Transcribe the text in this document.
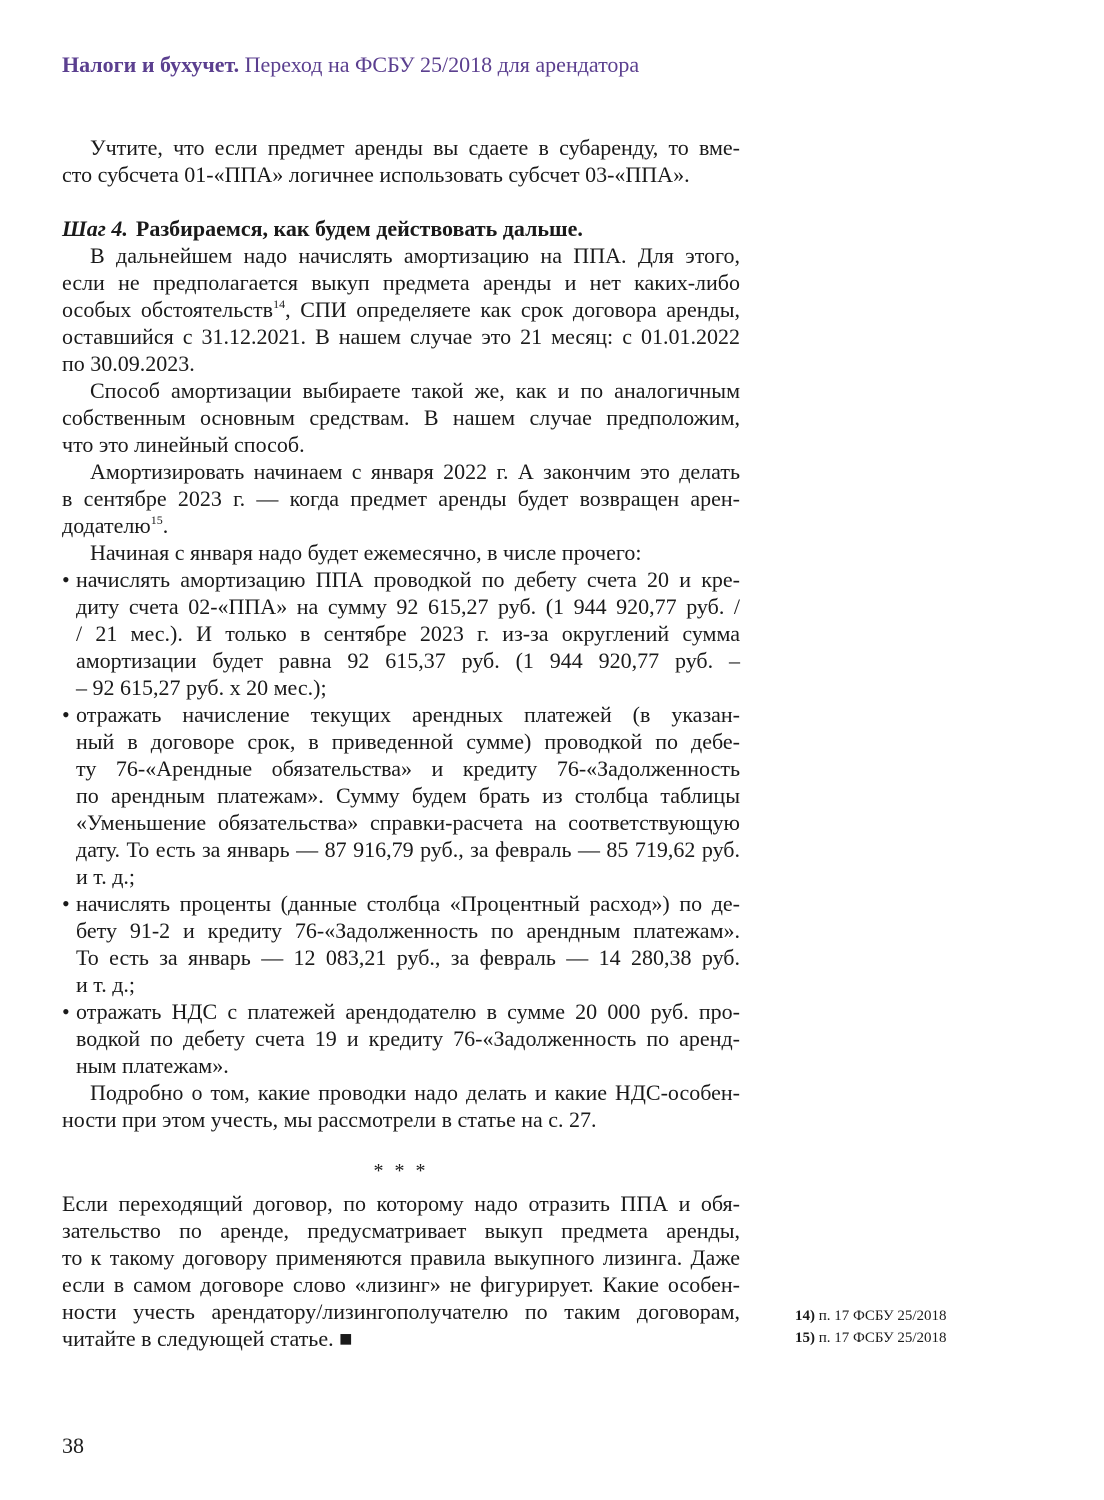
Налоги и бухучет. Переход на ФСБУ 25/2018 для арендатора
Учтите, что если предмет аренды вы сдаете в субаренду, то вме-
сто субсчета 01-«ППА» логичнее использовать субсчет 03-«ППА».
Шаг 4. Разбираемся, как будем действовать дальше.
В дальнейшем надо начислять амортизацию на ППА. Для этого,
если не предполагается выкуп предмета аренды и нет каких-либо
особых обстоятельств$^{14}$, СПИ определяете как срок договора аренды,
оставшийся с 31.12.2021. В нашем случае это 21 месяц: с 01.01.2022
по 30.09.2023.
Способ амортизации выбираете такой же, как и по аналогичным
собственным основным средствам. В нашем случае предположим,
что это линейный способ.
Амортизировать начинаем с января 2022 г. А закончим это делать
в сентябре 2023 г. — когда предмет аренды будет возвращен арен-
додателю$^{15}$.
Начиная с января надо будет ежемесячно, в числе прочего:
• начислять амортизацию ППА проводкой по дебету счета 20 и кре-
диту счета 02-«ППА» на сумму 92 615,27 руб. (1 944 920,77 руб. /
/ 21 мес.). И только в сентябре 2023 г. из-за округлений сумма
амортизации будет равна 92 615,37 руб. (1 944 920,77 руб. –
– 92 615,27 руб. х 20 мес.);
• отражать начисление текущих арендных платежей (в указан-
ный в договоре срок, в приведенной сумме) проводкой по дебе-
ту 76-«Арендные обязательства» и кредиту 76-«Задолженность
по арендным платежам». Сумму будем брать из столбца таблицы
«Уменьшение обязательства» справки-расчета на соответствующую
дату. То есть за январь — 87 916,79 руб., за февраль — 85 719,62 руб.
и т. д.;
• начислять проценты (данные столбца «Процентный расход») по де-
бету 91-2 и кредиту 76-«Задолженность по арендным платежам».
То есть за январь — 12 083,21 руб., за февраль — 14 280,38 руб.
и т. д.;
• отражать НДС с платежей арендодателю в сумме 20 000 руб. про-
водкой по дебету счета 19 и кредиту 76-«Задолженность по аренд-
ным платежам».
Подробно о том, какие проводки надо делать и какие НДС-особен-
ности при этом учесть, мы рассмотрели в статье на с. 27.
* * *
Если переходящий договор, по которому надо отразить ППА и обя-
зательство по аренде, предусматривает выкуп предмета аренды,
то к такому договору применяются правила выкупного лизинга. Даже
если в самом договоре слово «лизинг» не фигурирует. Какие особен-
ности учесть арендатору/лизингополучателю по таким договорам,
читайте в следующей статье. ■
14) п. 17 ФСБУ 25/2018
15) п. 17 ФСБУ 25/2018
38
